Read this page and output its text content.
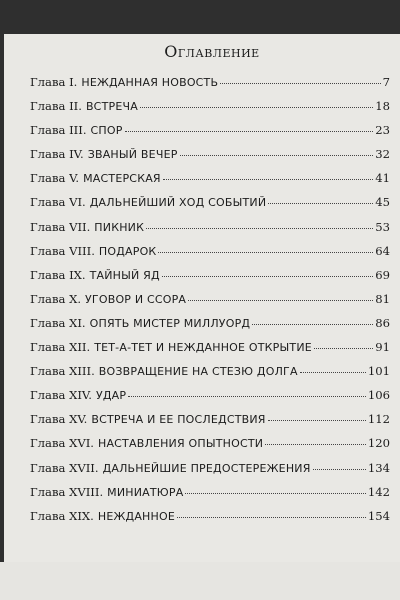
Оглавление
Глава I. НЕЖДАННАЯ НОВОСТЬ	7
Глава II. ВСТРЕЧА	18
Глава III. СПОР	23
Глава IV. ЗВАНЫЙ ВЕЧЕР	32
Глава V. МАСТЕРСКАЯ	41
Глава VI. ДАЛЬНЕЙШИЙ ХОД СОБЫТИЙ	45
Глава VII. ПИКНИК	53
Глава VIII. ПОДАРОК	64
Глава IX. ТАЙНЫЙ ЯД	69
Глава X. УГОВОР И ССОРА	81
Глава XI. ОПЯТЬ МИСТЕР МИЛЛУОРД	86
Глава XII. ТЕТ-А-ТЕТ И НЕЖДАННОЕ ОТКРЫТИЕ	91
Глава XIII. ВОЗВРАЩЕНИЕ НА СТЕЗЮ ДОЛГА	101
Глава XIV. УДАР	106
Глава XV. ВСТРЕЧА И ЕЕ ПОСЛЕДСТВИЯ	112
Глава XVI. НАСТАВЛЕНИЯ ОПЫТНОСТИ	120
Глава XVII. ДАЛЬНЕЙШИЕ ПРЕДОСТЕРЕЖЕНИЯ	134
Глава XVIII. МИНИАТЮРА	142
Глава XIX. НЕЖДАННОЕ	154
